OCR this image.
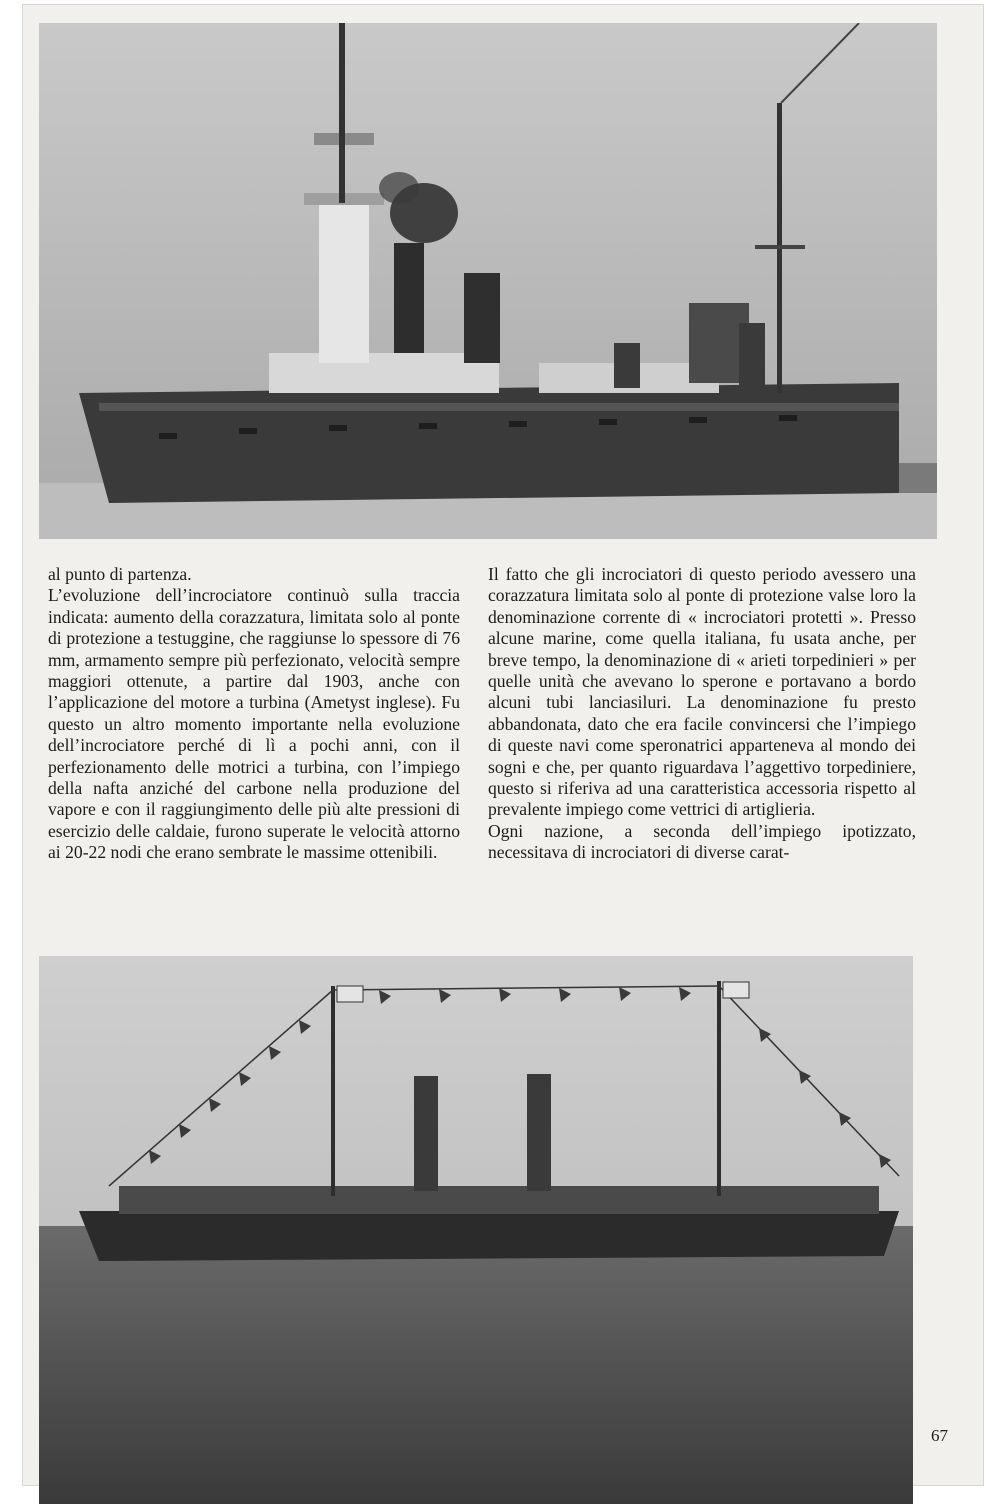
al punto di partenza.

L’evoluzione dell’incrociatore continuò sulla traccia indicata: aumento della corazzatura, limitata solo al ponte di protezione a testuggine, che raggiunse lo spessore di 76 mm, armamento sempre più perfezionato, velocità sempre maggiori ottenute, a partire dal 1903, anche con l’applicazione del motore a turbina (Ametyst inglese). Fu questo un altro momento importante nella evoluzione dell’incrociatore perché di lì a pochi anni, con il perfezionamento delle motrici a turbina, con l’impiego della nafta anziché del carbone nella produzione del vapore e con il raggiungimento delle più alte pressioni di esercizio delle caldaie, furono superate le velocità attorno ai 20-22 nodi che erano sembrate le massime ottenibili.

Il fatto che gli incrociatori di questo periodo avessero una corazzatura limitata solo al ponte di protezione valse loro la denominazione corrente di « incrociatori protetti ». Presso alcune marine, come quella italiana, fu usata anche, per breve tempo, la denominazione di « arieti torpedinieri » per quelle unità che avevano lo sperone e portavano a bordo alcuni tubi lanciasiluri. La denominazione fu presto abbandonata, dato che era facile convincersi che l’impiego di queste navi come speronatrici apparteneva al mondo dei sogni e che, per quanto riguardava l’aggettivo torpediniere, questo si riferiva ad una caratteristica accessoria rispetto al prevalente impiego come vettrici di artiglieria.

Ogni nazione, a seconda dell’impiego ipotizzato, necessitava di incrociatori di diverse carat-

67
